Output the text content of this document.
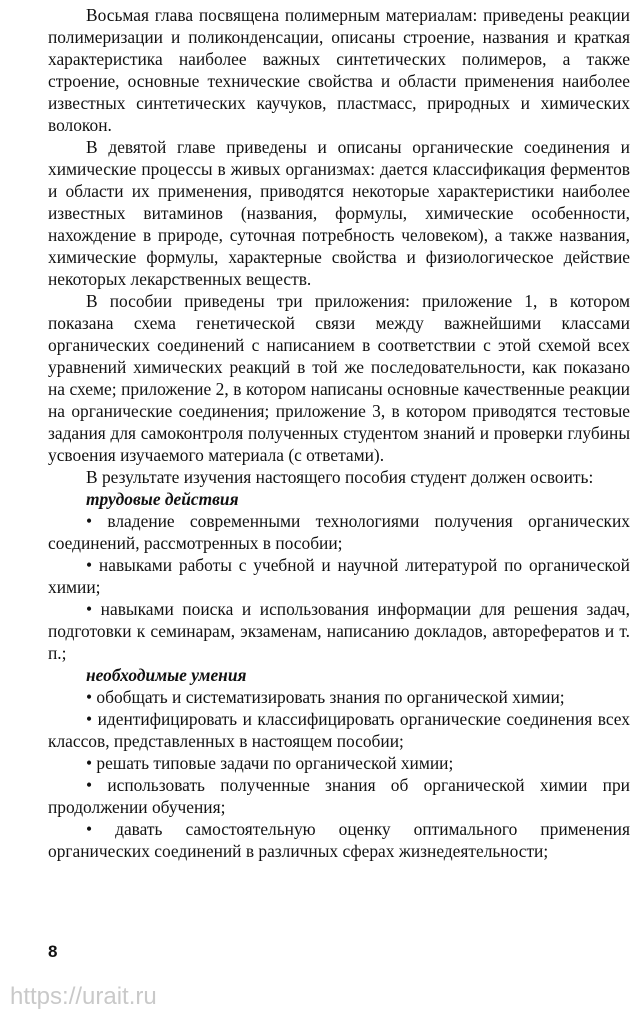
Восьмая глава посвящена полимерным материалам: приведены реакции полимеризации и поликонденсации, описаны строение, названия и краткая характеристика наиболее важных синтетических полимеров, а также строение, основные технические свойства и области применения наиболее известных синтетических каучуков, пластмасс, природных и химических волокон.

В девятой главе приведены и описаны органические соединения и химические процессы в живых организмах: дается классификация ферментов и области их применения, приводятся некоторые характеристики наиболее известных витаминов (названия, формулы, химические особенности, нахождение в природе, суточная потребность человеком), а также названия, химические формулы, характерные свойства и физиологическое действие некоторых лекарственных веществ.

В пособии приведены три приложения: приложение 1, в котором показана схема генетической связи между важнейшими классами органических соединений с написанием в соответствии с этой схемой всех уравнений химических реакций в той же последовательности, как показано на схеме; приложение 2, в котором написаны основные качественные реакции на органические соединения; приложение 3, в котором приводятся тестовые задания для самоконтроля полученных студентом знаний и проверки глубины усвоения изучаемого материала (с ответами).

В результате изучения настоящего пособия студент должен освоить:

трудовые действия

• владение современными технологиями получения органических соединений, рассмотренных в пособии;

• навыками работы с учебной и научной литературой по органической химии;

• навыками поиска и использования информации для решения задач, подготовки к семинарам, экзаменам, написанию докладов, авторефератов и т. п.;

необходимые умения

• обобщать и систематизировать знания по органической химии;

• идентифицировать и классифицировать органические соединения всех классов, представленных в настоящем пособии;

• решать типовые задачи по органической химии;

• использовать полученные знания об органической химии при продолжении обучения;

• давать самостоятельную оценку оптимального применения органических соединений в различных сферах жизнедеятельности;

8
https://urait.ru
